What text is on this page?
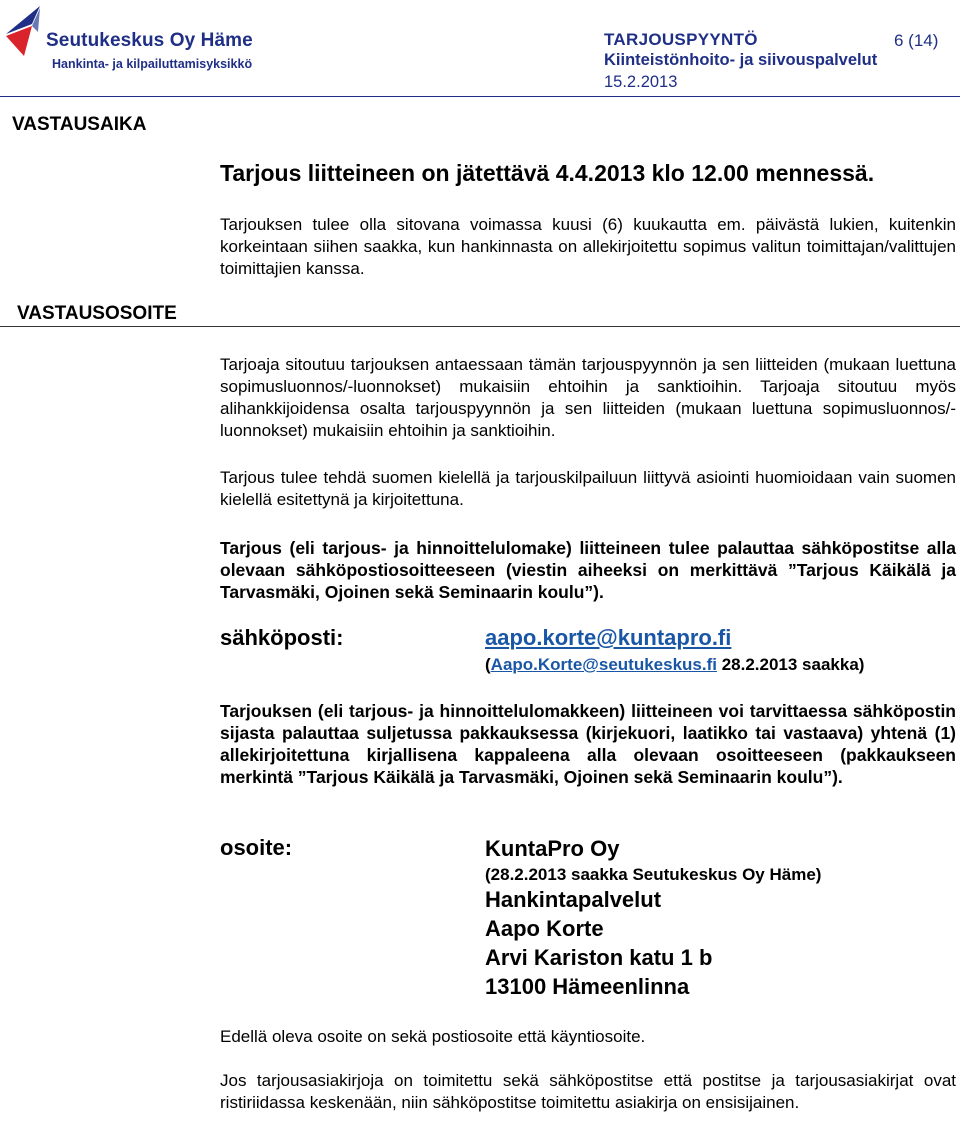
Seutukeskus Oy Häme
Hankinta- ja kilpailuttamisyksikkö
TARJOUSPYYNTÖ
Kiinteistönhoito- ja siivouspalvelut
15.2.2013
6 (14)
VASTAUSAIKA
VASTAUSOSOITE
Tarjous liitteineen on jätettävä 4.4.2013 klo 12.00 mennessä.
Tarjouksen tulee olla sitovana voimassa kuusi (6) kuukautta em. päivästä lukien, kuitenkin korkeintaan siihen saakka, kun hankinnasta on allekirjoitettu sopimus valitun toimittajan/valittujen toimittajien kanssa.
Tarjoaja sitoutuu tarjouksen antaessaan tämän tarjouspyynnön ja sen liitteiden (mukaan luettuna sopimusluonnos/-luonnokset) mukaisiin ehtoihin ja sanktioihin. Tarjoaja sitoutuu myös alihankkijoidensa osalta tarjouspyynnön ja sen liitteiden (mukaan luettuna sopimusluonnos/-luonnokset) mukaisiin ehtoihin ja sanktioihin.
Tarjous tulee tehdä suomen kielellä ja tarjouskilpailuun liittyvä asiointi huomioidaan vain suomen kielellä esitettynä ja kirjoitettuna.
Tarjous (eli tarjous- ja hinnoittelulomake) liitteineen tulee palauttaa sähköpostitse alla olevaan sähköpostiosoitteeseen (viestin aiheeksi on merkittävä ”Tarjous Käikälä ja Tarvasmäki, Ojoinen sekä Seminaarin koulu”).
sähköposti:	aapo.korte@kuntapro.fi
(Aapo.Korte@seutukeskus.fi 28.2.2013 saakka)
Tarjouksen (eli tarjous- ja hinnoittelulomakkeen) liitteineen voi tarvittaessa sähköpostin sijasta palauttaa suljetussa pakkauksessa (kirjekuori, laatikko tai vastaava) yhtenä (1) allekirjoitettuna kirjallisena kappaleena alla olevaan osoitteeseen (pakkaukseen merkintä ”Tarjous Käikälä ja Tarvasmäki, Ojoinen sekä Seminaarin koulu”).
osoite:	KuntaPro Oy
(28.2.2013 saakka Seutukeskus Oy Häme)
Hankintapalvelut
Aapo Korte
Arvi Kariston katu 1 b
13100 Hämeenlinna
Edellä oleva osoite on sekä postiosoite että käyntiosoite.
Jos tarjousasiakirjoja on toimitettu sekä sähköpostitse että postitse ja tarjousasiakirjat ovat ristiriidassa keskenään, niin sähköpostitse toimitettu asiakirja on ensisijainen.
